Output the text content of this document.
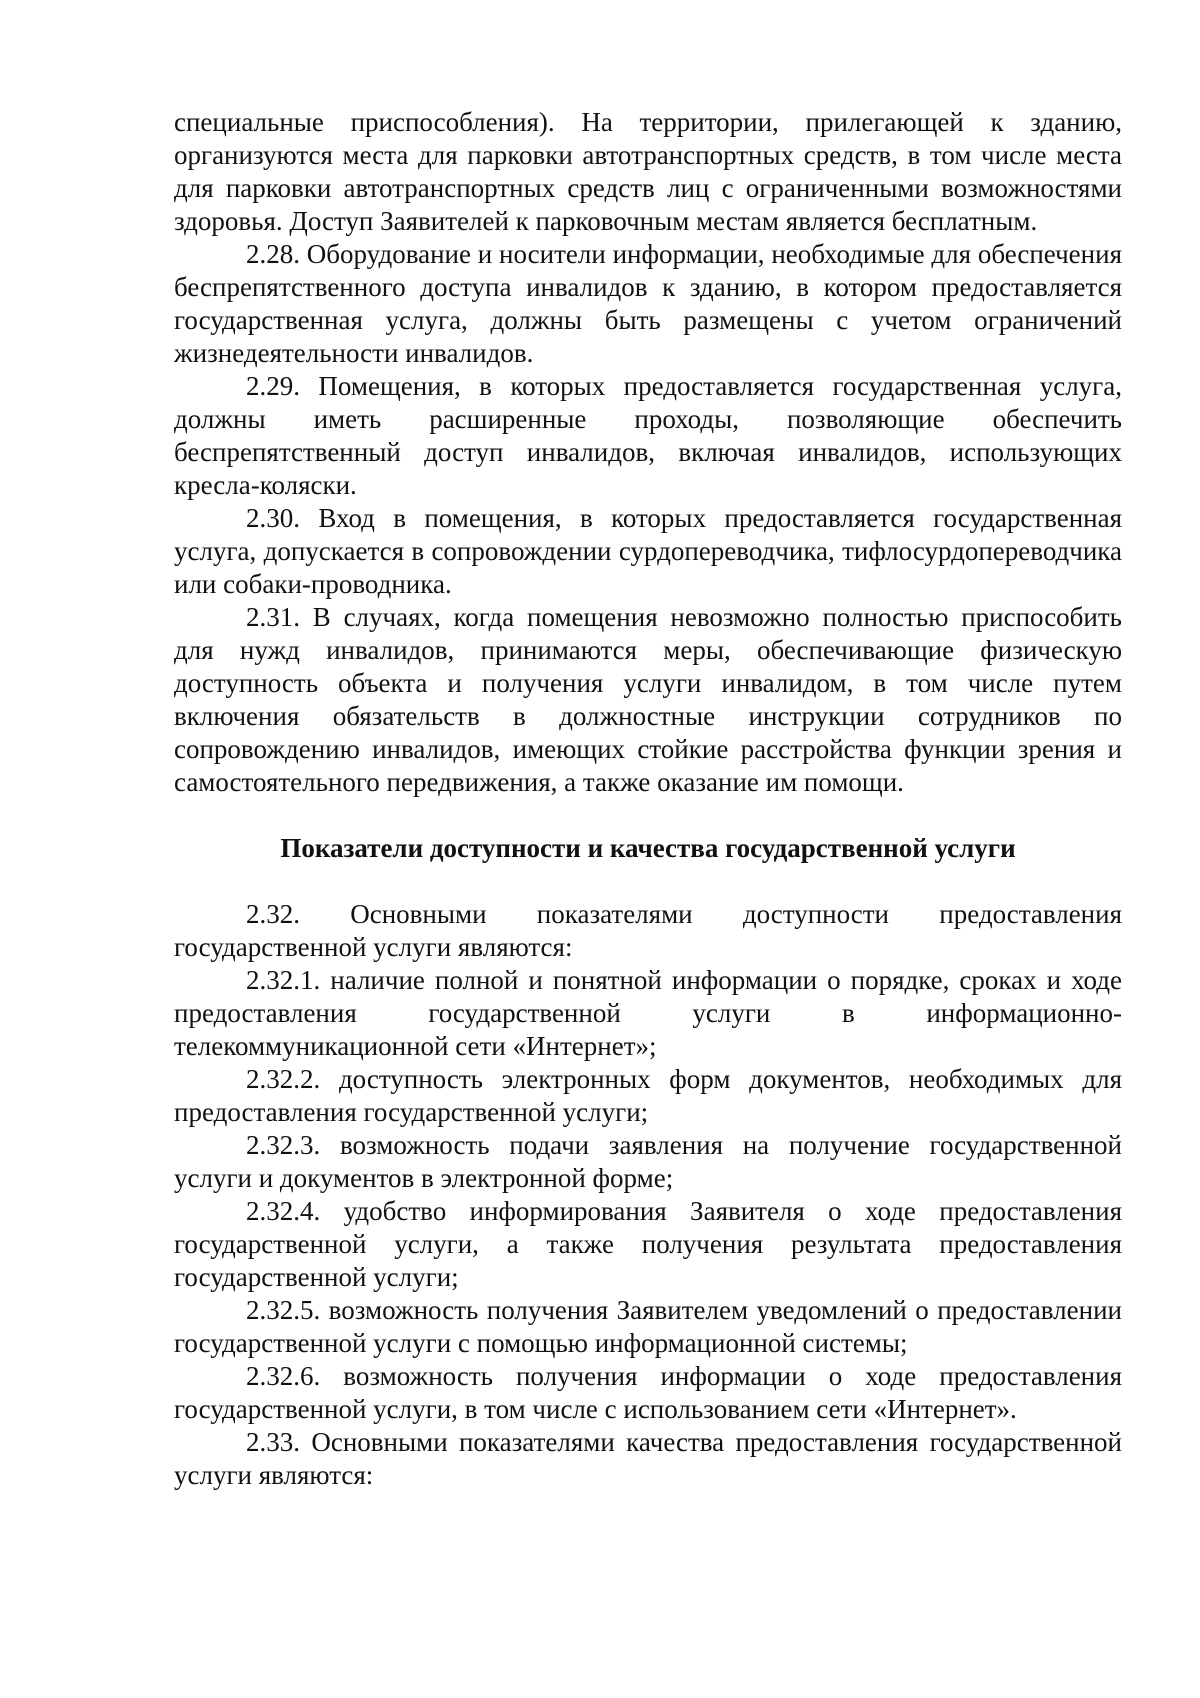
специальные приспособления). На территории, прилегающей к зданию, организуются места для парковки автотранспортных средств, в том числе места для парковки автотранспортных средств лиц с ограниченными возможностями здоровья. Доступ Заявителей к парковочным местам является бесплатным.

2.28. Оборудование и носители информации, необходимые для обеспечения беспрепятственного доступа инвалидов к зданию, в котором предоставляется государственная услуга, должны быть размещены с учетом ограничений жизнедеятельности инвалидов.

2.29. Помещения, в которых предоставляется государственная услуга, должны иметь расширенные проходы, позволяющие обеспечить беспрепятственный доступ инвалидов, включая инвалидов, использующих кресла-коляски.

2.30. Вход в помещения, в которых предоставляется государственная услуга, допускается в сопровождении сурдопереводчика, тифлосурдопереводчика или собаки-проводника.

2.31. В случаях, когда помещения невозможно полностью приспособить для нужд инвалидов, принимаются меры, обеспечивающие физическую доступность объекта и получения услуги инвалидом, в том числе путем включения обязательств в должностные инструкции сотрудников по сопровождению инвалидов, имеющих стойкие расстройства функции зрения и самостоятельного передвижения, а также оказание им помощи.

Показатели доступности и качества государственной услуги

2.32. Основными показателями доступности предоставления государственной услуги являются:

2.32.1. наличие полной и понятной информации о порядке, сроках и ходе предоставления государственной услуги в информационно-телекоммуникационной сети «Интернет»;

2.32.2. доступность электронных форм документов, необходимых для предоставления государственной услуги;

2.32.3. возможность подачи заявления на получение государственной услуги и документов в электронной форме;

2.32.4. удобство информирования Заявителя о ходе предоставления государственной услуги, а также получения результата предоставления государственной услуги;

2.32.5. возможность получения Заявителем уведомлений о предоставлении государственной услуги с помощью информационной системы;

2.32.6. возможность получения информации о ходе предоставления государственной услуги, в том числе с использованием сети «Интернет».

2.33. Основными показателями качества предоставления государственной услуги являются:
